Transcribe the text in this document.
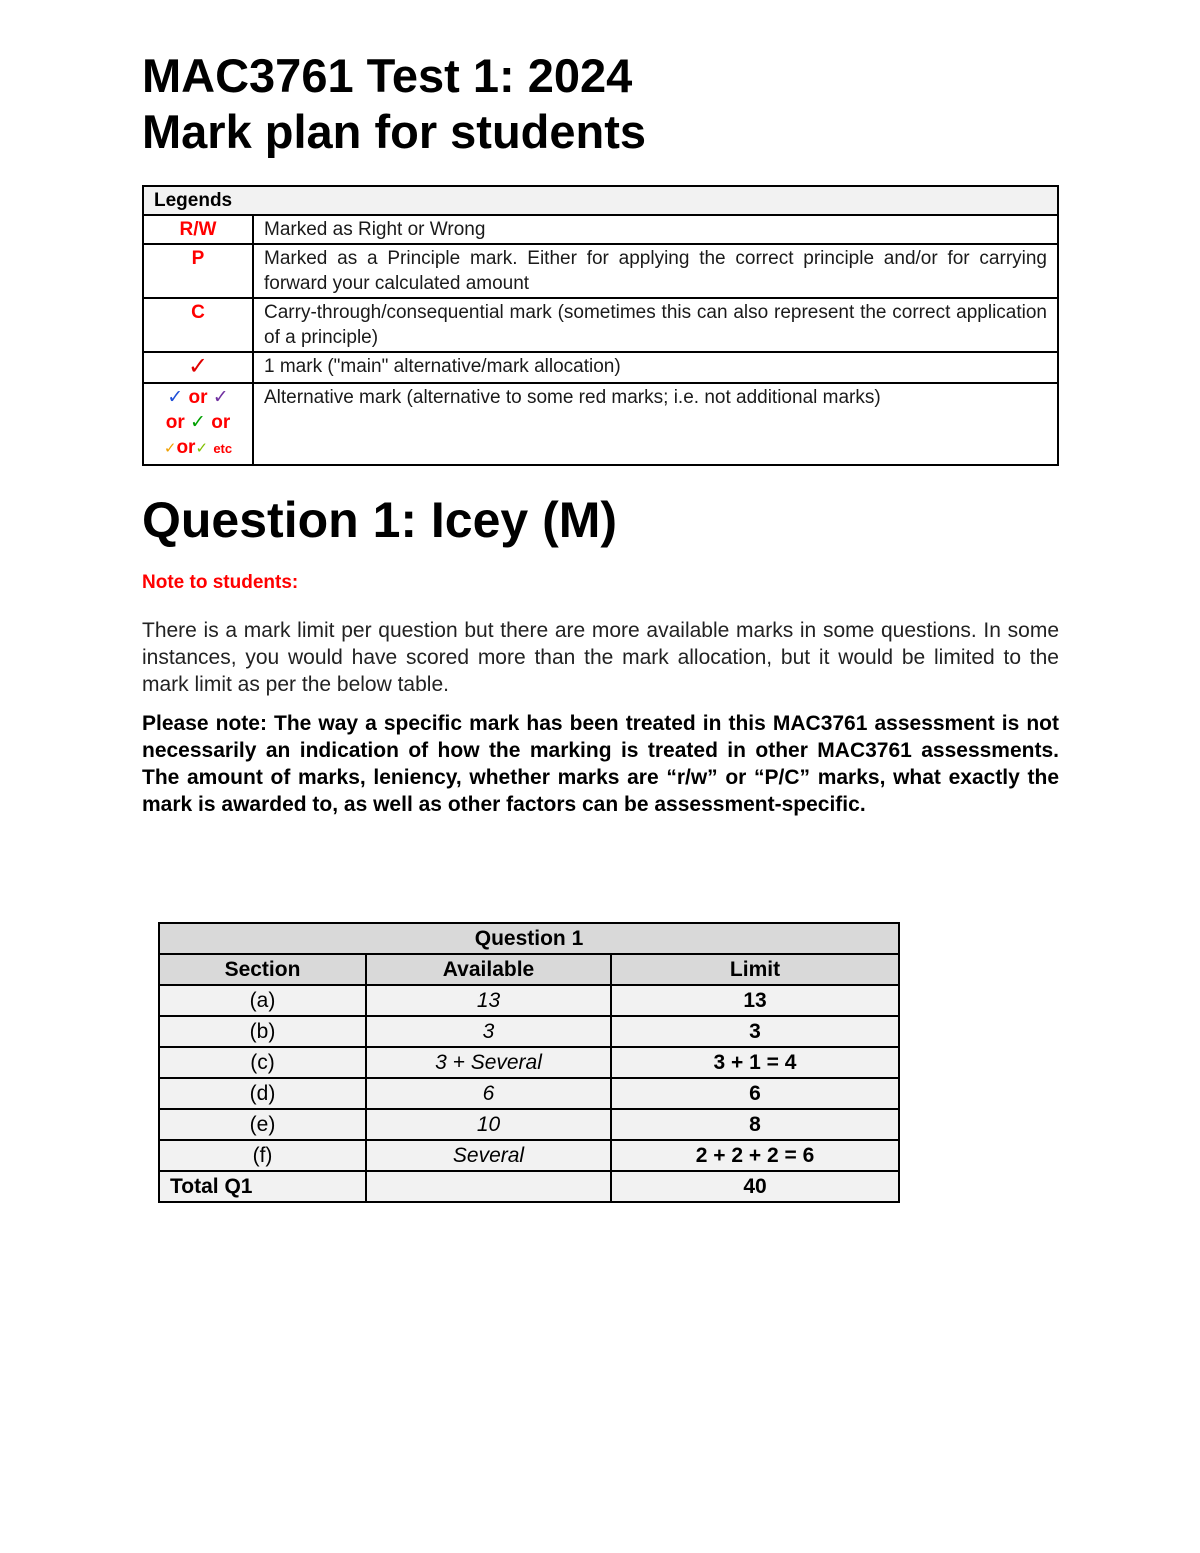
MAC3761 Test 1: 2024
Mark plan for students
Legends	
R/W	Marked as Right or Wrong
P	Marked as a Principle mark. Either for applying the correct principle and/or for carrying forward your calculated amount
C	Carry-through/consequential mark (sometimes this can also represent the correct application of a principle)
✓	1 mark ("main" alternative/mark allocation)

✓ or ✓
or ✓ or
✓or✓ etc	Alternative mark (alternative to some red marks; i.e. not additional marks)
Question 1: Icey (M)
Note to students:
There is a mark limit per question but there are more available marks in some questions. In some instances, you would have scored more than the mark allocation, but it would be limited to the mark limit as per the below table.
Please note: The way a specific mark has been treated in this MAC3761 assessment is not necessarily an indication of how the marking is treated in other MAC3761 assessments. The amount of marks, leniency, whether marks are “r/w” or “P/C” marks, what exactly the mark is awarded to, as well as other factors can be assessment-specific.
Question 1		
Section	Available	Limit
(a)	13	13
(b)	3	3
(c)	3 + Several	3 + 1 = 4
(d)	6	6
(e)	10	8
(f)	Several	2 + 2 + 2 = 6
Total Q1		40
